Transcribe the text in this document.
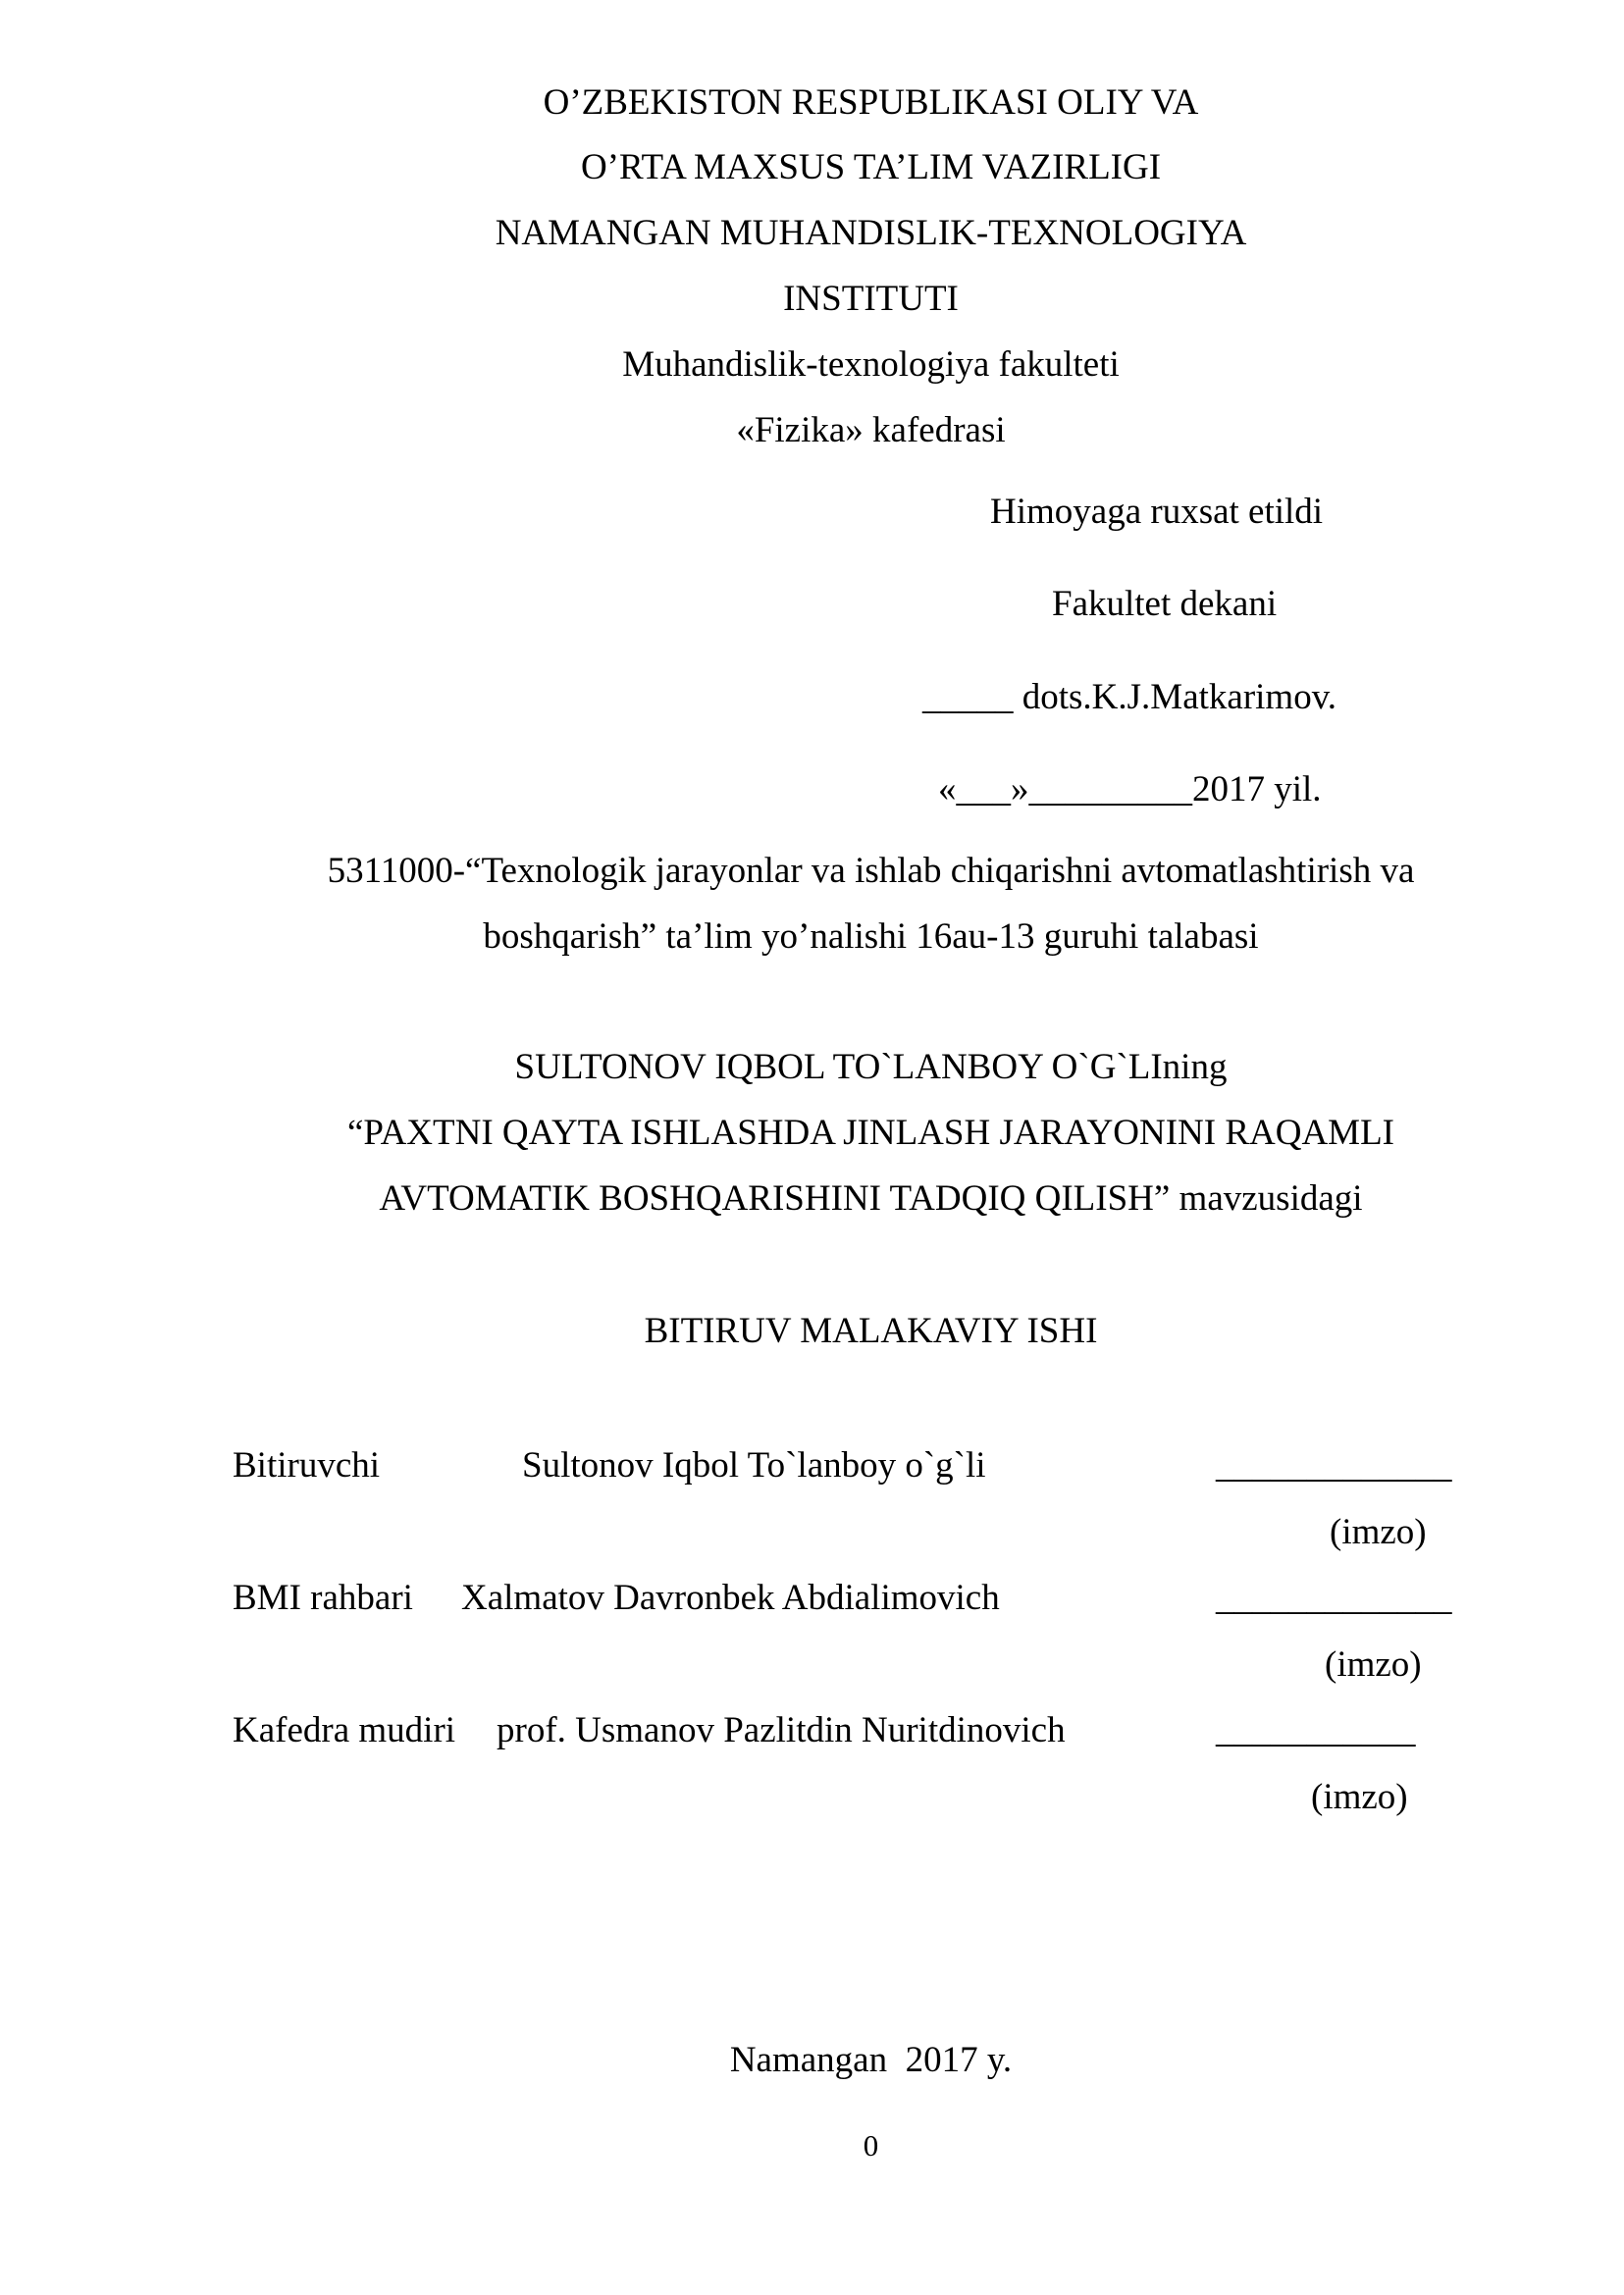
O’ZBEKISTON RESPUBLIKASI OLIY VA
O’RTA MAXSUS TA’LIM VAZIRLIGI
NAMANGAN MUHANDISLIK-TEXNOLOGIYA
INSTITUTI
Muhandislik-texnologiya fakulteti
«Fizika» kafedrasi
Himoyaga ruxsat etildi
Fakultet dekani
_____ dots.K.J.Matkarimov.
«___»_________2017 yil.
5311000-“Texnologik jarayonlar va ishlab chiqarishni avtomatlashtirish va
boshqarish” ta’lim yo’nalishi 16au-13 guruhi talabasi
SULTONOV IQBOL TO`LANBOY O`G`LIning
“PAXTNI QAYTA ISHLASHDA JINLASH JARAYONINI RAQAMLI
AVTOMATIK BOSHQARISHINI TADQIQ QILISH” mavzusidagi
BITIRUV MALAKAVIY ISHI
Bitiruvchi	Sultonov Iqbol To`lanboy o`g`li	_____________
(imzo)
BMI rahbari Xalmatov Davronbek Abdialimovich	_____________
(imzo)
Kafedra mudiri prof. Usmanov Pazlitdin Nuritdinovich	___________
(imzo)
Namangan  2017 y.
0
